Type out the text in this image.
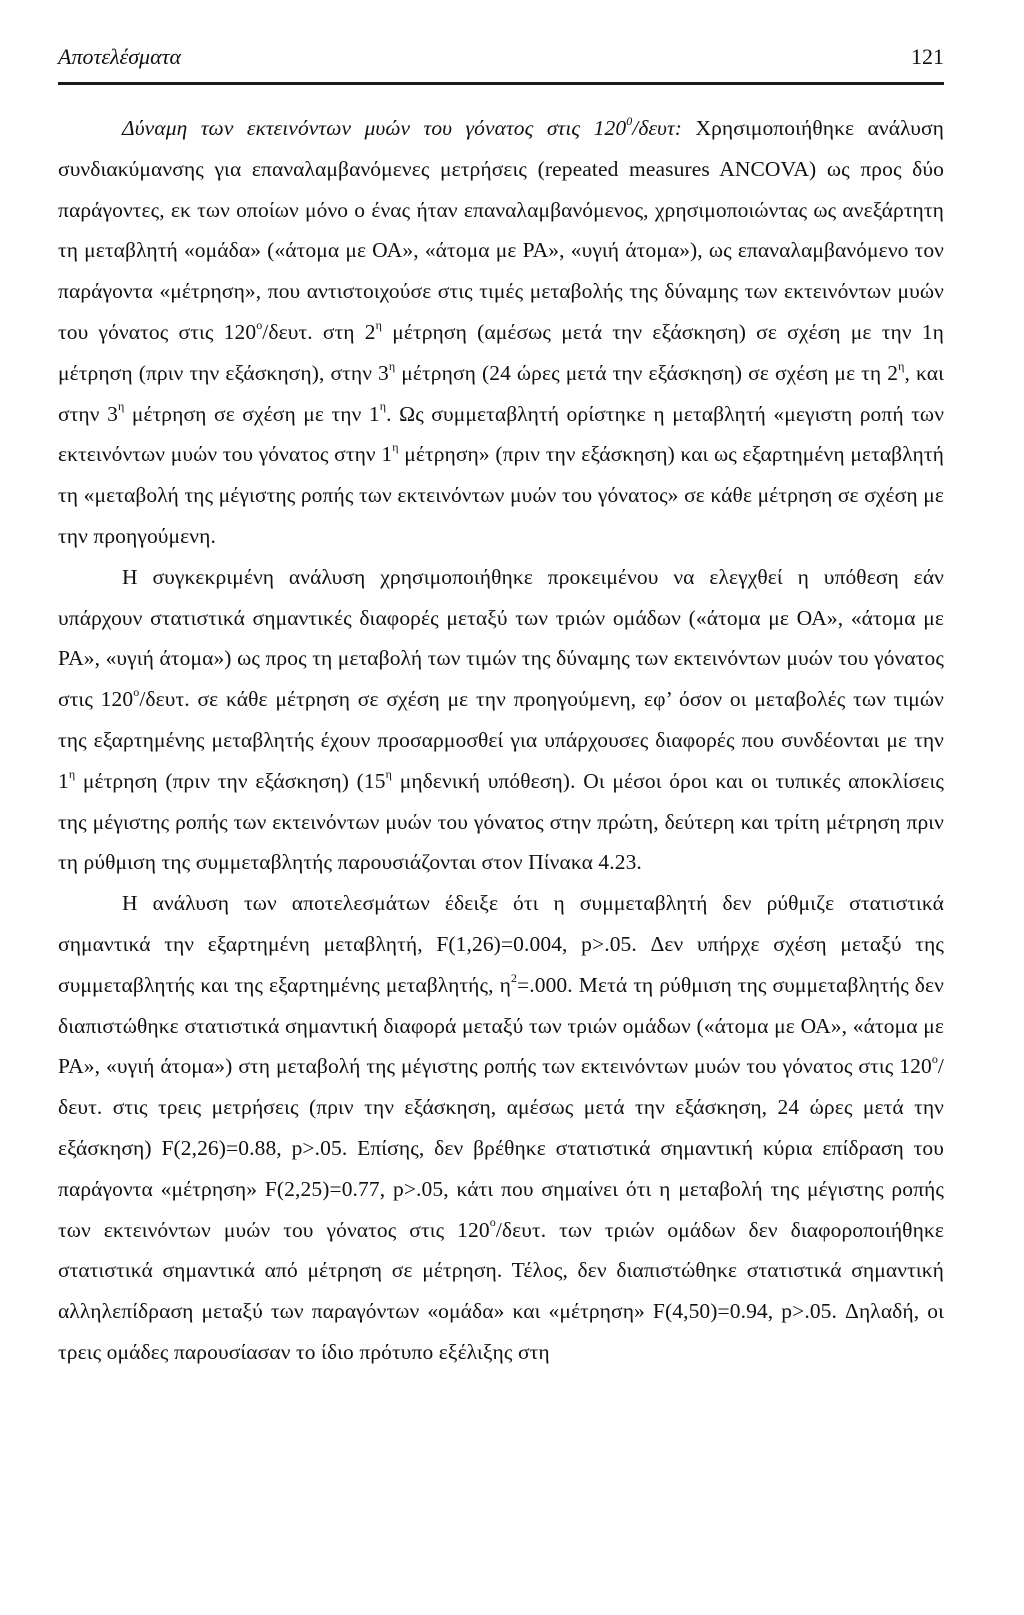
Αποτελέσματα	121

Δύναμη των εκτεινόντων μυών του γόνατος στις $120^0$/δευτ: Χρησιμοποιήθηκε ανάλυση συνδιακύμανσης για επαναλαμβανόμενες μετρήσεις (repeated measures ANCOVA) ως προς δύο παράγοντες, εκ των οποίων μόνο ο ένας ήταν επαναλαμβανόμενος, χρησιμοποιώντας ως ανεξάρτητη τη μεταβλητή «ομάδα» («άτομα με ΟΑ», «άτομα με ΡΑ», «υγιή άτομα»), ως επαναλαμβανόμενο τον παράγοντα «μέτρηση», που αντιστοιχούσε στις τιμές μεταβολής της δύναμης των εκτεινόντων μυών του γόνατος στις 120$^o$/δευτ. στη $2^\eta$ μέτρηση (αμέσως μετά την εξάσκηση) σε σχέση με την 1η μέτρηση (πριν την εξάσκηση), στην $3^\eta$ μέτρηση (24 ώρες μετά την εξάσκηση) σε σχέση με τη $2^\eta$, και στην $3^\eta$ μέτρηση σε σχέση με την $1^\eta$. Ως συμμεταβλητή ορίστηκε η μεταβλητή «μεγιστη ροπή των εκτεινόντων μυών του γόνατος στην $1^\eta$ μέτρηση» (πριν την εξάσκηση) και ως εξαρτημένη μεταβλητή τη «μεταβολή της μέγιστης ροπής των εκτεινόντων μυών του γόνατος» σε κάθε μέτρηση σε σχέση με την προηγούμενη.

Η συγκεκριμένη ανάλυση χρησιμοποιήθηκε προκειμένου να ελεγχθεί η υπόθεση εάν υπάρχουν στατιστικά σημαντικές διαφορές μεταξύ των τριών ομάδων («άτομα με ΟΑ», «άτομα με ΡΑ», «υγιή άτομα») ως προς τη μεταβολή των τιμών της δύναμης των εκτεινόντων μυών του γόνατος στις 120$^o$/δευτ. σε κάθε μέτρηση σε σχέση με την προηγούμενη, εφ’ όσον οι μεταβολές των τιμών της εξαρτημένης μεταβλητής έχουν προσαρμοσθεί για υπάρχουσες διαφορές που συνδέονται με την $1^\eta$ μέτρηση (πριν την εξάσκηση) ($15^\eta$ μηδενική υπόθεση). Οι μέσοι όροι και οι τυπικές αποκλίσεις της μέγιστης ροπής των εκτεινόντων μυών του γόνατος στην πρώτη, δεύτερη και τρίτη μέτρηση πριν τη ρύθμιση της συμμεταβλητής παρουσιάζονται στον Πίνακα 4.23.

Η ανάλυση των αποτελεσμάτων έδειξε ότι η συμμεταβλητή δεν ρύθμιζε στατιστικά σημαντικά την εξαρτημένη μεταβλητή, F(1,26)=0.004, p>.05. Δεν υπήρχε σχέση μεταξύ της συμμεταβλητής και της εξαρτημένης μεταβλητής, $\eta^2=.000$. Μετά τη ρύθμιση της συμμεταβλητής δεν διαπιστώθηκε στατιστικά σημαντική διαφορά μεταξύ των τριών ομάδων («άτομα με ΟΑ», «άτομα με ΡΑ», «υγιή άτομα») στη μεταβολή της μέγιστης ροπής των εκτεινόντων μυών του γόνατος στις 120$^o$/δευτ. στις τρεις μετρήσεις (πριν την εξάσκηση, αμέσως μετά την εξάσκηση, 24 ώρες μετά την εξάσκηση) F(2,26)=0.88, p>.05. Επίσης, δεν βρέθηκε στατιστικά σημαντική κύρια επίδραση του παράγοντα «μέτρηση» F(2,25)=0.77, p>.05, κάτι που σημαίνει ότι η μεταβολή της μέγιστης ροπής των εκτεινόντων μυών του γόνατος στις 120$^o$/δευτ. των τριών ομάδων δεν διαφοροποιήθηκε στατιστικά σημαντικά από μέτρηση σε μέτρηση. Τέλος, δεν διαπιστώθηκε στατιστικά σημαντική αλληλεπίδραση μεταξύ των παραγόντων «ομάδα» και «μέτρηση» F(4,50)=0.94, p>.05. Δηλαδή, οι τρεις ομάδες παρουσίασαν το ίδιο πρότυπο εξέλιξης στη
